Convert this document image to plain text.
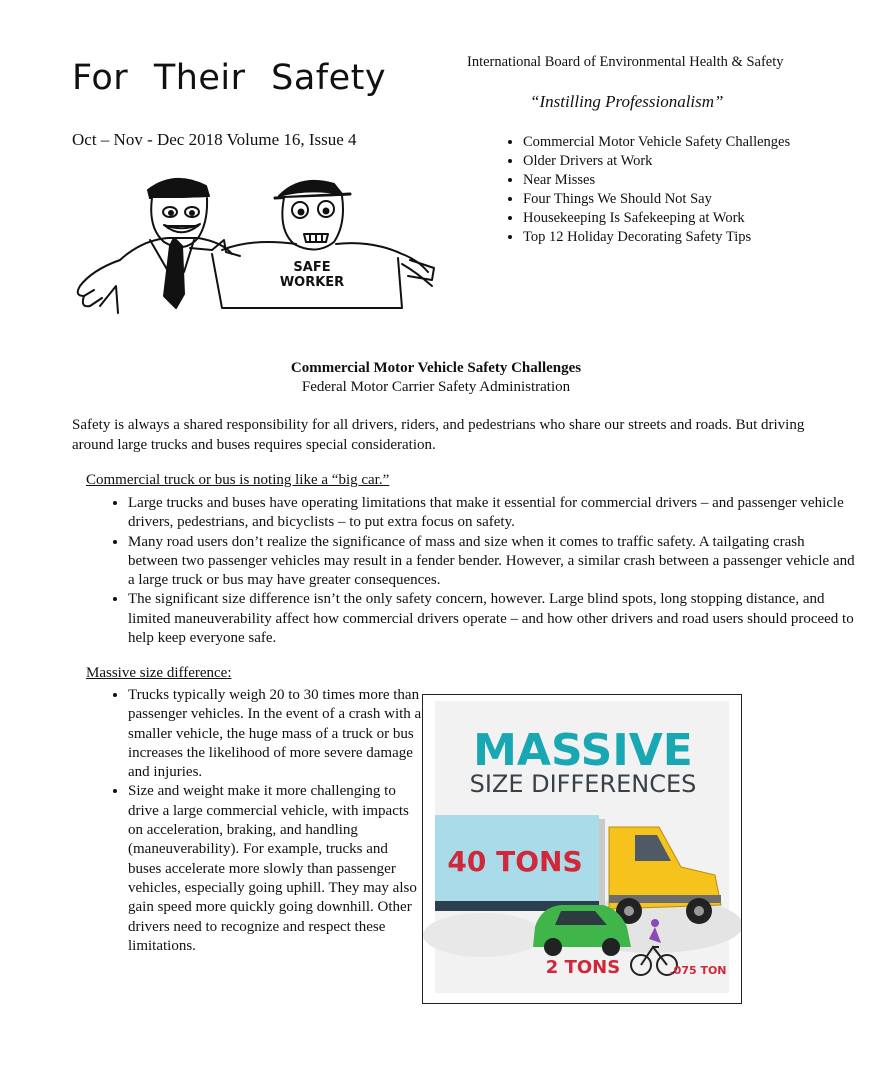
For Their Safety
Oct – Nov - Dec 2018 Volume 16, Issue 4
International Board of Environmental Health & Safety
“Instilling Professionalism”
• Commercial Motor Vehicle Safety Challenges
• Older Drivers at Work
• Near Misses
• Four Things We Should Not Say
• Housekeeping Is Safekeeping at Work
• Top 12 Holiday Decorating Safety Tips
SAFE
WORKER
Commercial Motor Vehicle Safety Challenges
Federal Motor Carrier Safety Administration
Safety is always a shared responsibility for all drivers, riders, and pedestrians who share our streets and roads. But driving around large trucks and buses requires special consideration.
Commercial truck or bus is noting like a “big car.”
• Large trucks and buses have operating limitations that make it essential for commercial drivers – and passenger vehicle drivers, pedestrians, and bicyclists – to put extra focus on safety.
• Many road users don’t realize the significance of mass and size when it comes to traffic safety. A tailgating crash between two passenger vehicles may result in a fender bender. However, a similar crash between a passenger vehicle and a large truck or bus may have greater consequences.
• The significant size difference isn’t the only safety concern, however. Large blind spots, long stopping distance, and limited maneuverability affect how commercial drivers operate – and how other drivers and road users should proceed to help keep everyone safe.
Massive size difference:
• Trucks typically weigh 20 to 30 times more than passenger vehicles. In the event of a crash with a smaller vehicle, the huge mass of a truck or bus increases the likelihood of more severe damage and injuries.
• Size and weight make it more challenging to drive a large commercial vehicle, with impacts on acceleration, braking, and handling (maneuverability). For example, trucks and buses accelerate more slowly than passenger vehicles, especially going uphill. They may also gain speed more quickly going downhill. Other drivers need to recognize and respect these limitations.
MASSIVE
SIZE DIFFERENCES
40 TONS
2 TONS	.075 TON
